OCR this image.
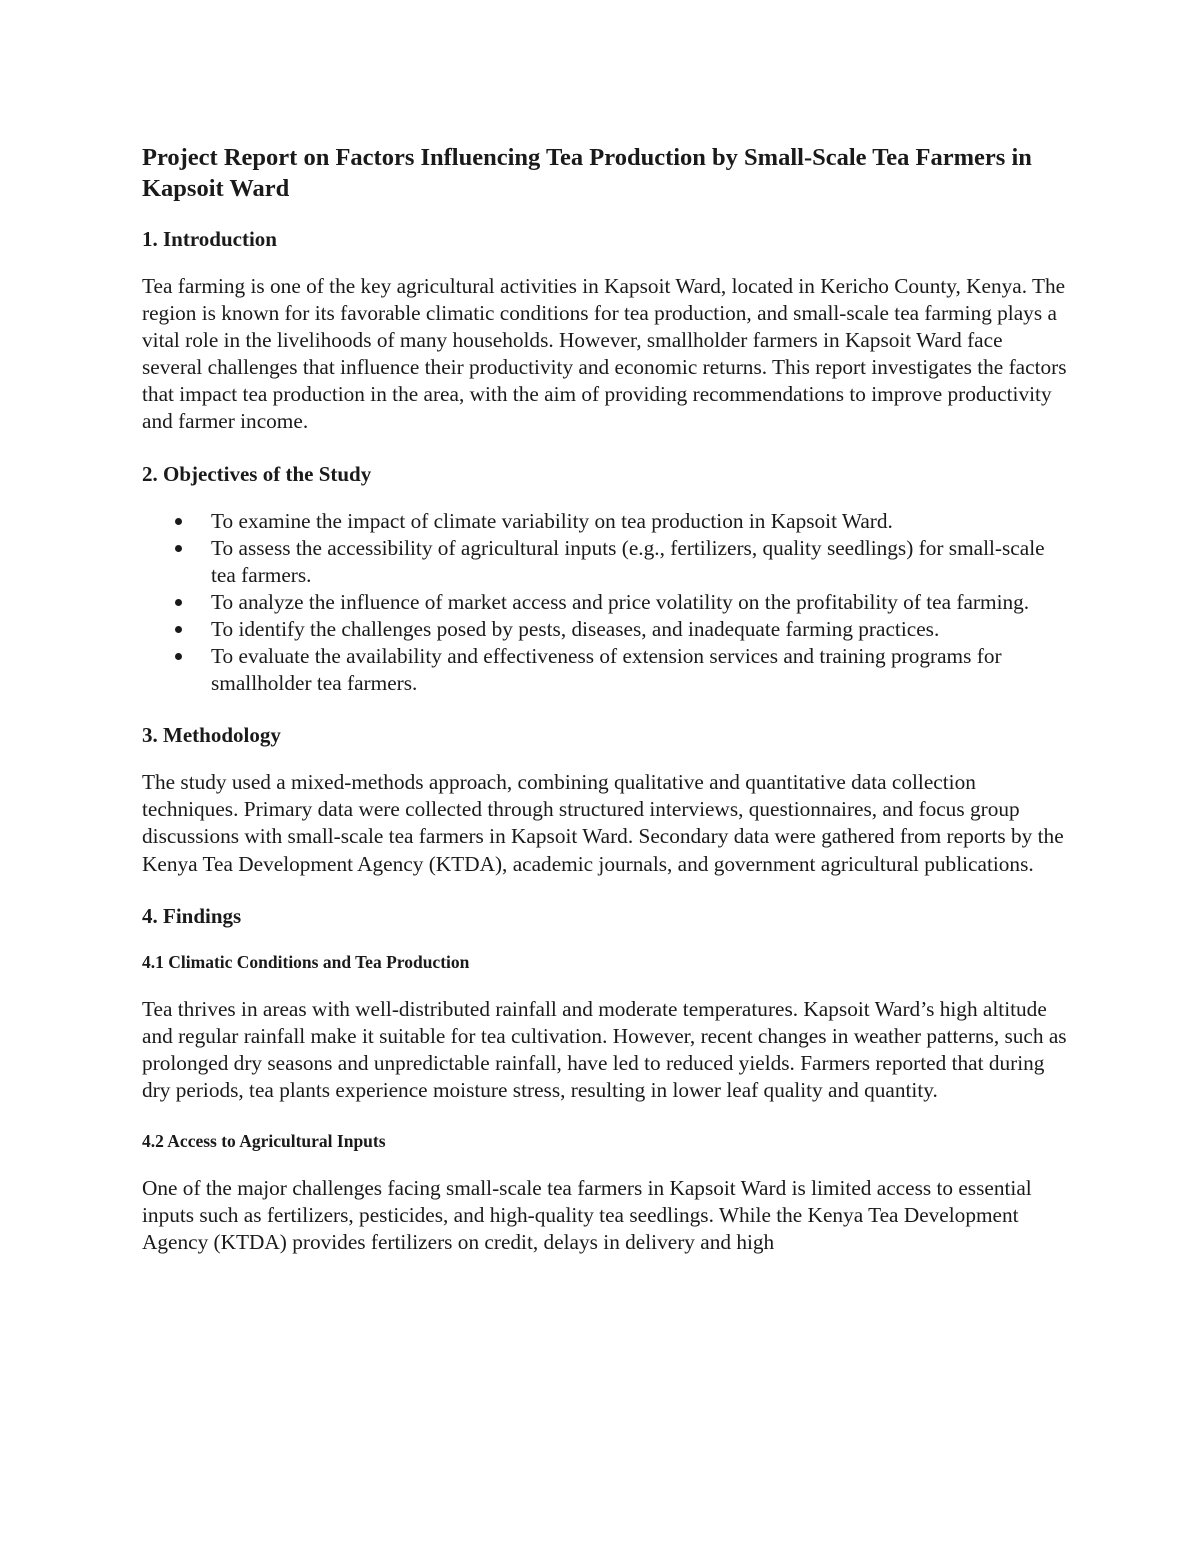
Project Report on Factors Influencing Tea Production by Small-Scale Tea Farmers in Kapsoit Ward
1. Introduction

Tea farming is one of the key agricultural activities in Kapsoit Ward, located in Kericho County, Kenya. The region is known for its favorable climatic conditions for tea production, and small-scale tea farming plays a vital role in the livelihoods of many households. However, smallholder farmers in Kapsoit Ward face several challenges that influence their productivity and economic returns. This report investigates the factors that impact tea production in the area, with the aim of providing recommendations to improve productivity and farmer income.

2. Objectives of the Study
To examine the impact of climate variability on tea production in Kapsoit Ward.
To assess the accessibility of agricultural inputs (e.g., fertilizers, quality seedlings) for small-scale tea farmers.
To analyze the influence of market access and price volatility on the profitability of tea farming.
To identify the challenges posed by pests, diseases, and inadequate farming practices.
To evaluate the availability and effectiveness of extension services and training programs for smallholder tea farmers.
3. Methodology

The study used a mixed-methods approach, combining qualitative and quantitative data collection techniques. Primary data were collected through structured interviews, questionnaires, and focus group discussions with small-scale tea farmers in Kapsoit Ward. Secondary data were gathered from reports by the Kenya Tea Development Agency (KTDA), academic journals, and government agricultural publications.

4. Findings
4.1 Climatic Conditions and Tea Production

Tea thrives in areas with well-distributed rainfall and moderate temperatures. Kapsoit Ward’s high altitude and regular rainfall make it suitable for tea cultivation. However, recent changes in weather patterns, such as prolonged dry seasons and unpredictable rainfall, have led to reduced yields. Farmers reported that during dry periods, tea plants experience moisture stress, resulting in lower leaf quality and quantity.

4.2 Access to Agricultural Inputs

One of the major challenges facing small-scale tea farmers in Kapsoit Ward is limited access to essential inputs such as fertilizers, pesticides, and high-quality tea seedlings. While the Kenya Tea Development Agency (KTDA) provides fertilizers on credit, delays in delivery and high
